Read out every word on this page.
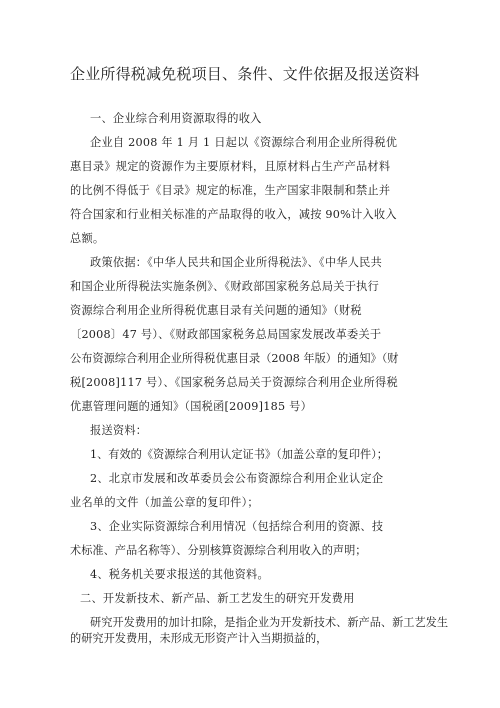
企业所得税减免税项目、条件、文件依据及报送资料
一、企业综合利用资源取得的收入
企业自 2008 年 1 月 1 日起以《资源综合利用企业所得税优
惠目录》规定的资源作为主要原材料，且原材料占生产产品材料
的比例不得低于《目录》规定的标准，生产国家非限制和禁止并
符合国家和行业相关标准的产品取得的收入，减按 90%计入收入
总额。
政策依据：《中华人民共和国企业所得税法》、《中华人民共
和国企业所得税法实施条例》、《财政部国家税务总局关于执行
资源综合利用企业所得税优惠目录有关问题的通知》（财税
〔2008〕47 号）、《财政部国家税务总局国家发展改革委关于
公布资源综合利用企业所得税优惠目录（2008 年版）的通知》（财
税[2008]117 号）、《国家税务总局关于资源综合利用企业所得税
优惠管理问题的通知》（国税函[2009]185 号）
报送资料：
1、有效的《资源综合利用认定证书》（加盖公章的复印件）；
2、北京市发展和改革委员会公布资源综合利用企业认定企
业名单的文件（加盖公章的复印件）；
3、企业实际资源综合利用情况（包括综合利用的资源、技
术标准、产品名称等）、分别核算资源综合利用收入的声明；
4、税务机关要求报送的其他资料。
二、开发新技术、新产品、新工艺发生的研究开发费用
研究开发费用的加计扣除，是指企业为开发新技术、新产品、新工艺发生
的研究开发费用，未形成无形资产计入当期损益的，
